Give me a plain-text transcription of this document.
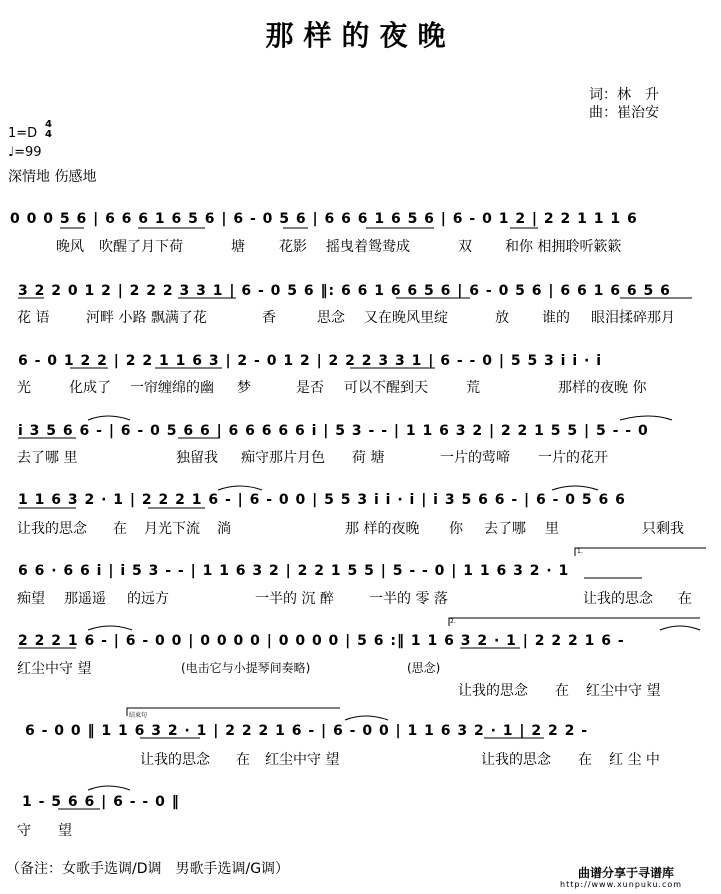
那样的夜晚
词：林　升
曲：崔治安
1=D
4
4
♩=99
深情地 伤感地
0 0 0 5 6 | 6 6 6 1 6 5 6 | 6 - 0 5 6 | 6 6 6 1 6 5 6 | 6 - 0 1 2 | 2 2 1 1 1 6
晚风 吹醒了月下荷	塘 花影 摇曳着鸳鸯成	双 和你 相拥聆听簌簌
3 2 2 0 1 2 | 2 2 2 3 3 1 | 6 - 0 5 6 ‖: 6 6 1 6 6 5 6 | 6 - 0 5 6 | 6 6 1 6 6 5 6
花 语	河畔 小路 飘满了花	香	思念 又在晚风里绽	放 谁的 眼泪揉碎那月
6 - 0 1 2 2 | 2 2 1 1 6 3 | 2 - 0 1 2 | 2 2 2 3 3 1 | 6 - - 0 | 5 5 3 i i · i
光	化成了 一帘缠绵的幽 梦	是否 可以不醒到天	荒	那样的夜晚 你
i 3 5 6 6 - | 6 - 0 5 6 6 | 6 6 6 6 6 i | 5 3 - - | 1 1 6 3 2 | 2 2 1 5 5 | 5 - - 0
去了哪 里	独留我 痴守那片月色 荷 塘	一片的莺啼 一片的花开
1 1 6 3 2 · 1 | 2 2 2 1 6 - | 6 - 0 0 | 5 5 3 i i · i | i 3 5 6 6 - | 6 - 0 5 6 6
让我的思念 在 月光下流 淌	那 样的夜晚 你 去了哪 里	只剩我
1.
6 6 · 6 6 i | i 5 3 - - | 1 1 6 3 2 | 2 2 1 5 5 | 5 - - 0 | 1 1 6 3 2 · 1
痴望 那遥遥 的远方	一半的 沉 醉	一半的 零 落	让我的思念 在
2.
2 2 2 1 6 - | 6 - 0 0 | 0 0 0 0 | 0 0 0 0 | 5 6 :‖ 1 1 6 3 2 · 1 | 2 2 2 1 6 -
红尘中守 望	(电击它与小提琴间奏略)	(思念)
让我的思念 在 红尘中守 望
结束句
6 - 0 0 ‖ 1 1 6 3 2 · 1 | 2 2 2 1 6 - | 6 - 0 0 | 1 1 6 3 2 · 1 | 2 2 2 -
让我的思念 在 红尘中守 望	让我的思念 在 红 尘 中
1 - 5 6 6 | 6 - - 0 ‖
守 望
（备注：女歌手选调/D调　男歌手选调/G调）	曲谱分享于寻谱库
http://www.xunpuku.com
